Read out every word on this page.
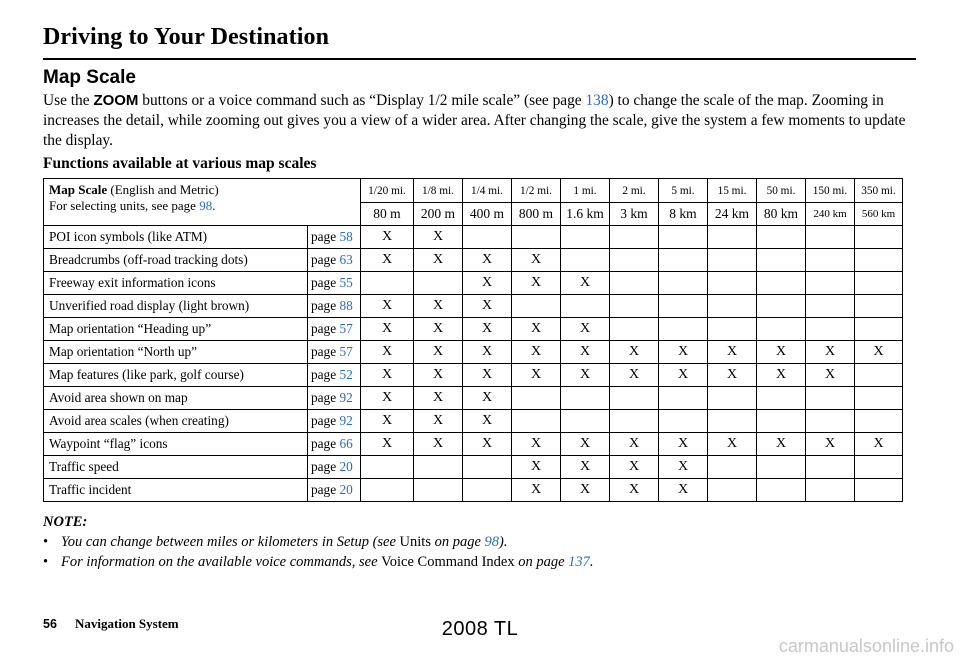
Driving to Your Destination
Map Scale
Use the ZOOM buttons or a voice command such as “Display 1/2 mile scale” (see page 138) to change the scale of the map. Zooming in increases the detail, while zooming out gives you a view of a wider area. After changing the scale, give the system a few moments to update the display.
Functions available at various map scales
Map Scale (English and Metric)
For selecting units, see page 98.		1/20 mi.	1/8 mi.	1/4 mi.	1/2 mi.	1 mi.	2 mi.	5 mi.	15 mi.	50 mi.	150 mi.	350 mi.
		80 m	200 m	400 m	800 m	1.6 km	3 km	8 km	24 km	80 km	240 km	560 km
POI icon symbols (like ATM)	page 58	X	X									
Breadcrumbs (off-road tracking dots)	page 63	X	X	X	X							
Freeway exit information icons	page 55			X	X	X						
Unverified road display (light brown)	page 88	X	X	X								
Map orientation “Heading up”	page 57	X	X	X	X	X						
Map orientation “North up”	page 57	X	X	X	X	X	X	X	X	X	X	X
Map features (like park, golf course)	page 52	X	X	X	X	X	X	X	X	X	X	
Avoid area shown on map	page 92	X	X	X								
Avoid area scales (when creating)	page 92	X	X	X								
Waypoint “flag” icons	page 66	X	X	X	X	X	X	X	X	X	X	X
Traffic speed	page 20				X	X	X	X				
Traffic incident	page 20				X	X	X	X				
NOTE:
• You can change between miles or kilometers in Setup (see Units on page 98).
• For information on the available voice commands, see Voice Command Index on page 137.
56 Navigation System	2008 TL
carmanualsonline.info
